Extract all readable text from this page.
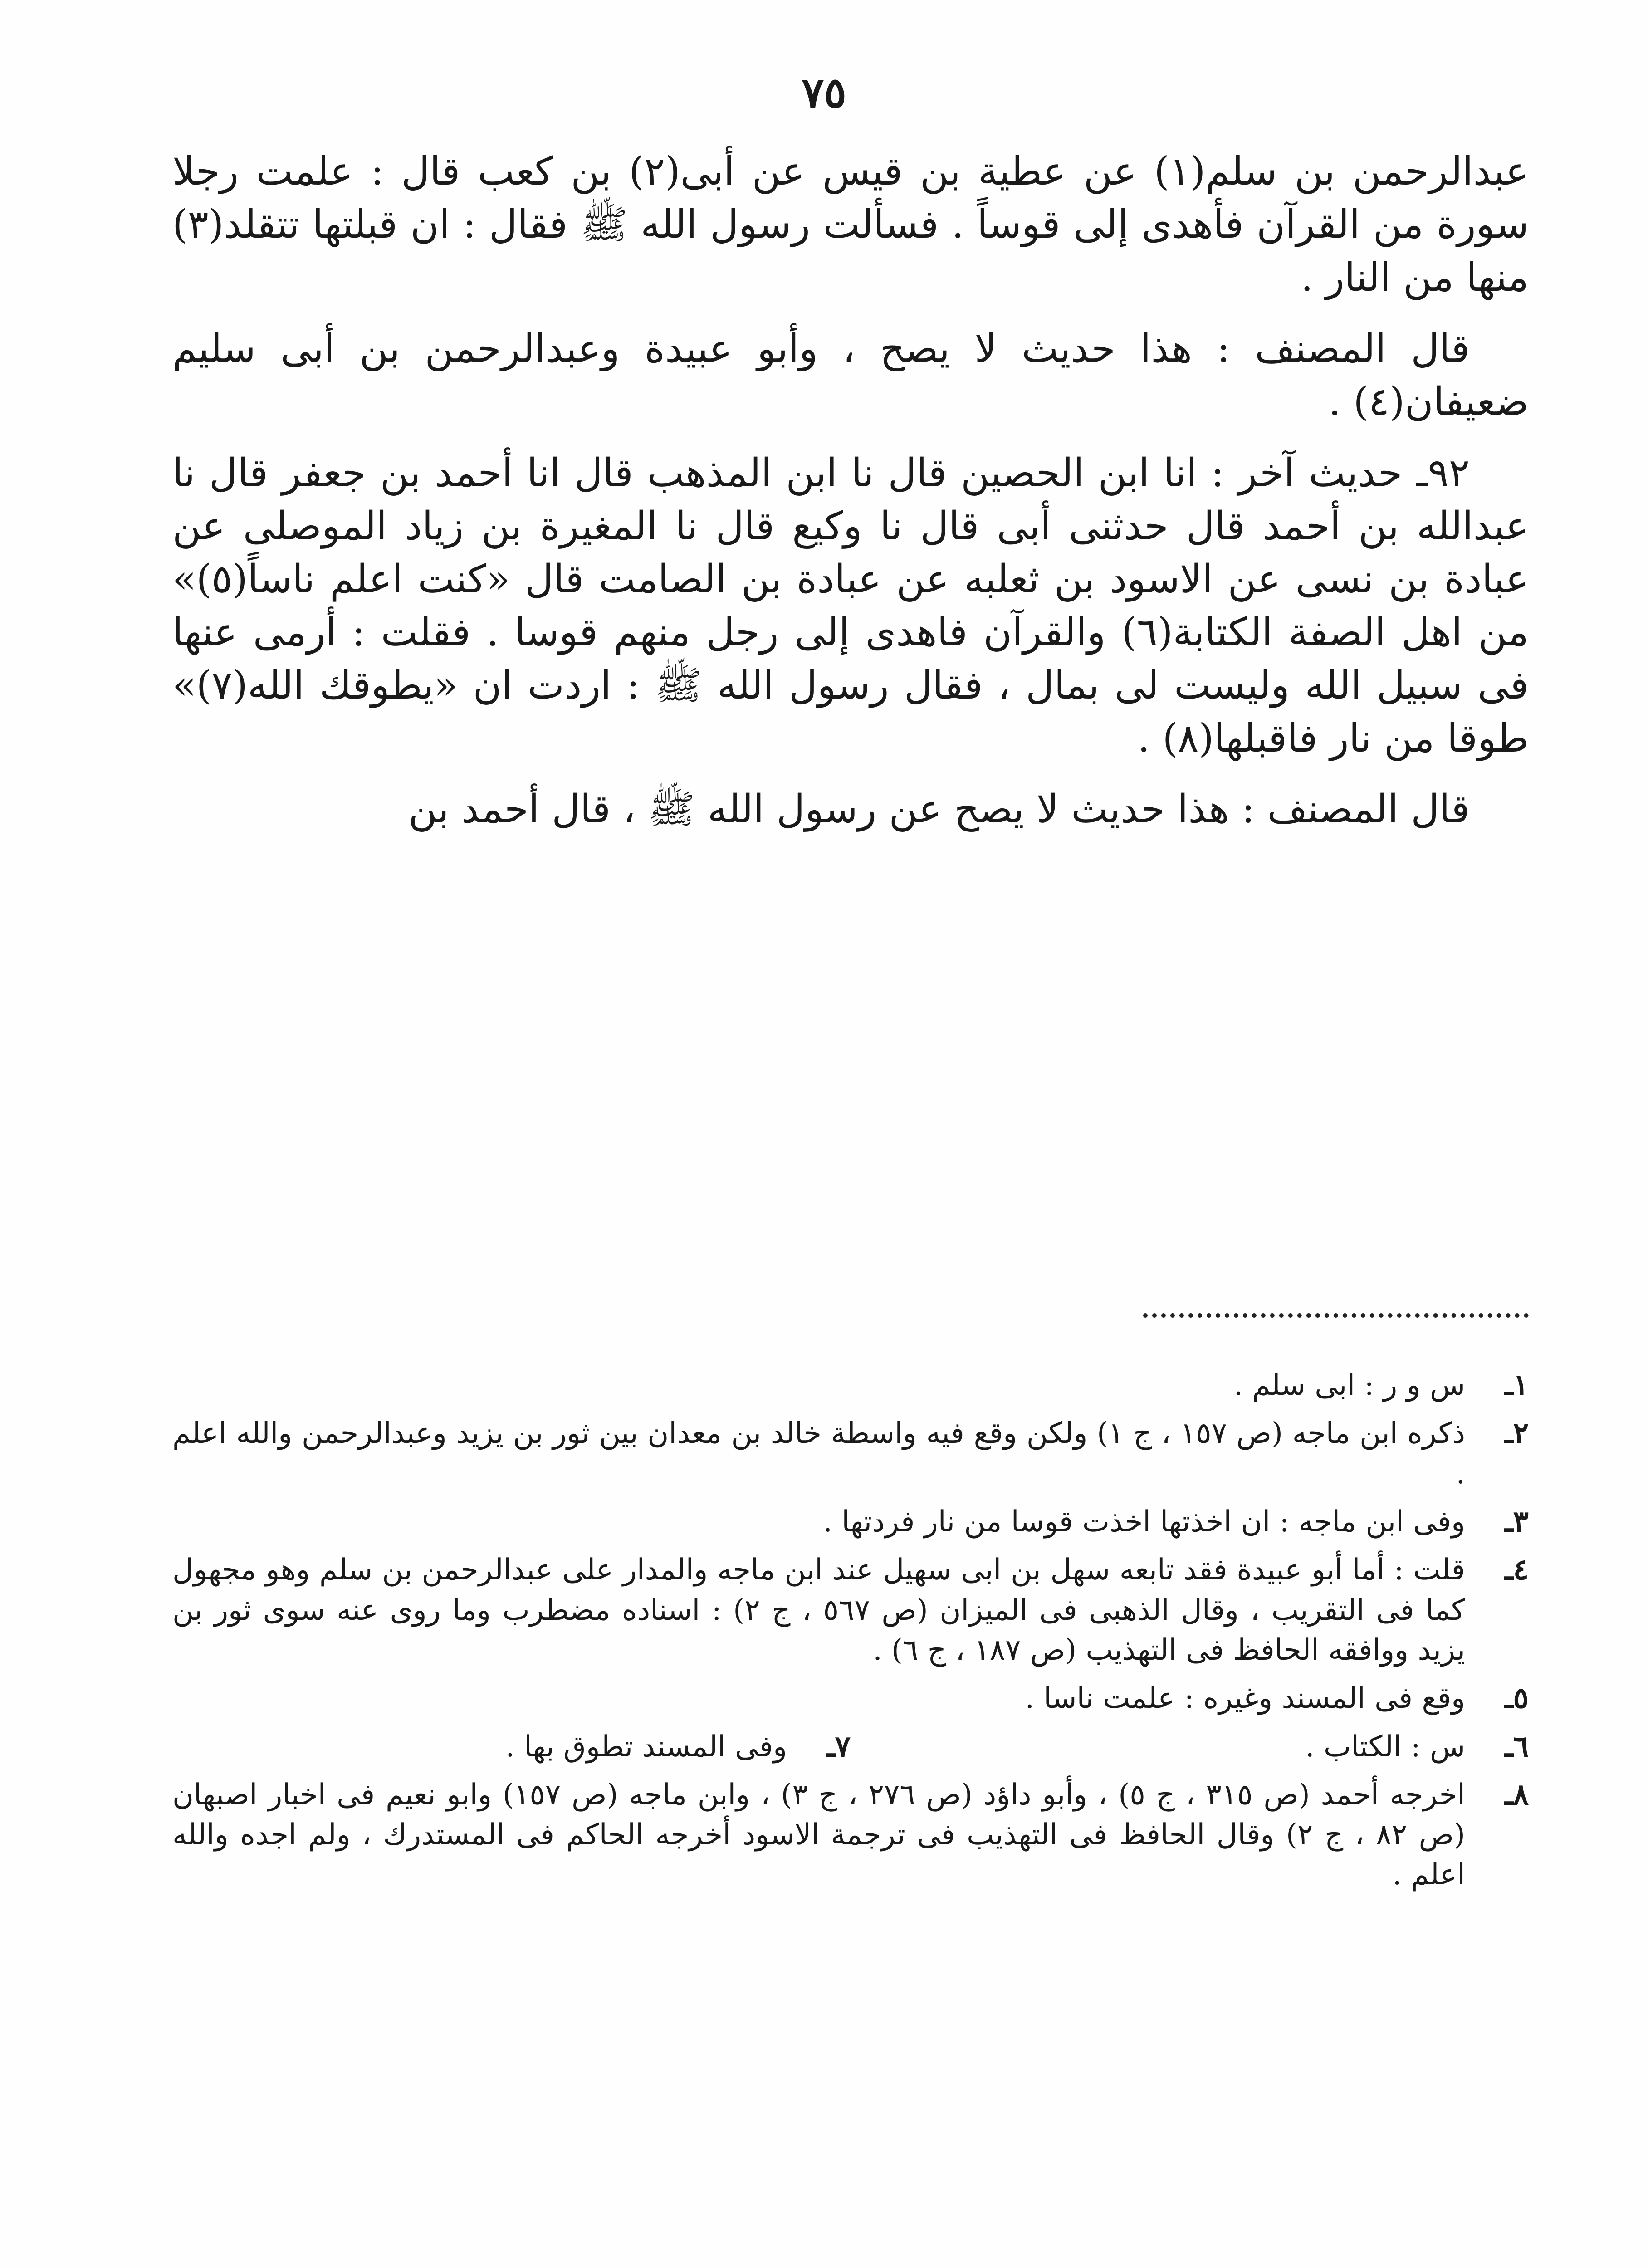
٧٥

عبدالرحمن بن سلم(١) عن عطية بن قيس عن أبى(٢) بن كعب قال : علمت رجلا سورة من القرآن فأهدى إلى قوساً . فسألت رسول الله ﷺ فقال : ان قبلتها تتقلد(٣) منها من النار .

قال المصنف : هذا حديث لا يصح ، وأبو عبيدة وعبدالرحمن بن أبى سليم ضعيفان(٤) .

٩٢ـ حديث آخر : انا ابن الحصين قال نا ابن المذهب قال انا أحمد بن جعفر قال نا عبدالله بن أحمد قال حدثنى أبى قال نا وكيع قال نا المغيرة بن زياد الموصلى عن عبادة بن نسى عن الاسود بن ثعلبه عن عبادة بن الصامت قال «كنت اعلم ناساً(٥)» من اهل الصفة الكتابة(٦) والقرآن فاهدى إلى رجل منهم قوسا . فقلت : أرمى عنها فى سبيل الله وليست لى بمال ، فقال رسول الله ﷺ : اردت ان «يطوقك الله(٧)» طوقا من نار فاقبلها(٨) .

قال المصنف : هذا حديث لا يصح عن رسول الله ﷺ ، قال أحمد بن

١ـ
س و ر : ابى سلم .
٢ـ
ذكره ابن ماجه (ص ١٥٧ ، ج ١) ولكن وقع فيه واسطة خالد بن معدان بين ثور بن يزيد وعبدالرحمن والله اعلم .
٣ـ
وفى ابن ماجه : ان اخذتها اخذت قوسا من نار فردتها .
٤ـ
قلت : أما أبو عبيدة فقد تابعه سهل بن ابى سهيل عند ابن ماجه والمدار على عبدالرحمن بن سلم وهو مجهول كما فى التقريب ، وقال الذهبى فى الميزان (ص ٥٦٧ ، ج ٢) : اسناده مضطرب وما روى عنه سوى ثور بن يزيد ووافقه الحافظ فى التهذيب (ص ١٨٧ ، ج ٦) .
٥ـ
وقع فى المسند وغيره : علمت ناسا .
٦ـ
س : الكتاب .
٧ـ
وفى المسند تطوق بها .
٨ـ
اخرجه أحمد (ص ٣١٥ ، ج ٥) ، وأبو داؤد (ص ٢٧٦ ، ج ٣) ، وابن ماجه (ص ١٥٧) وابو نعيم فى اخبار اصبهان (ص ٨٢ ، ج ٢) وقال الحافظ فى التهذيب فى ترجمة الاسود أخرجه الحاكم فى المستدرك ، ولم اجده والله اعلم .
